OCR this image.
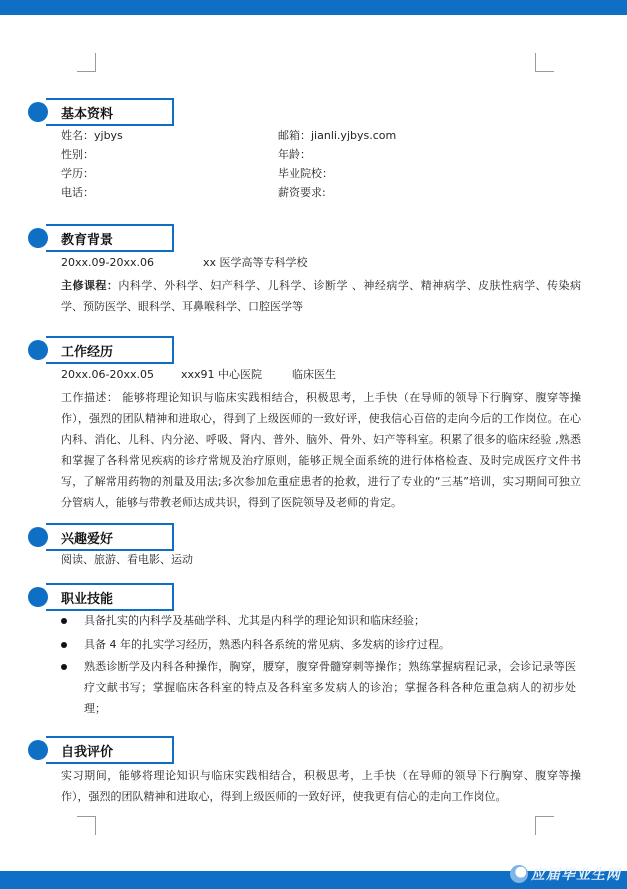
基本资料
姓名：yjbys	邮箱：jianli.yjbys.com
性别：	年龄：
学历：	毕业院校：
电话：	薪资要求:
教育背景
20xx.09-20xx.06	xx 医学高等专科学校
主修课程：内科学、外科学、妇产科学、儿科学、诊断学 、神经病学、精神病学、皮肤性病学、传染病学、预防医学、眼科学、耳鼻喉科学、口腔医学等
工作经历
20xx.06-20xx.05 xxx91 中心医院	临床医生
工作描述： 能够将理论知识与临床实践相结合，积极思考，上手快（在导师的领导下行胸穿、腹穿等操作），强烈的团队精神和进取心，得到了上级医师的一致好评，使我信心百倍的走向今后的工作岗位。在心内科、消化、儿科、内分泌、呼吸、肾内、普外、脑外、骨外、妇产等科室。积累了很多的临床经验 ,熟悉和掌握了各科常见疾病的诊疗常规及治疗原则，能够正规全面系统的进行体格检查、及时完成医疗文件书写，了解常用药物的剂量及用法;多次参加危重症患者的抢救，进行了专业的“三基”培训，实习期间可独立分管病人，能够与带教老师达成共识，得到了医院领导及老师的肯定。
兴趣爱好
阅读、旅游、看电影、运动
职业技能
具备扎实的内科学及基础学科、尤其是内科学的理论知识和临床经验；
具备 4 年的扎实学习经历，熟悉内科各系统的常见病、多发病的诊疗过程。
熟悉诊断学及内科各种操作，胸穿，腰穿，腹穿骨髓穿刺等操作；熟练掌握病程记录，会诊记录等医疗文献书写；掌握临床各科室的特点及各科室多发病人的诊治；掌握各科各种危重急病人的初步处理；
自我评价
实习期间，能够将理论知识与临床实践相结合，积极思考，上手快（在导师的领导下行胸穿、腹穿等操作），强烈的团队精神和进取心，得到上级医师的一致好评，使我更有信心的走向工作岗位。
应届毕业生网
